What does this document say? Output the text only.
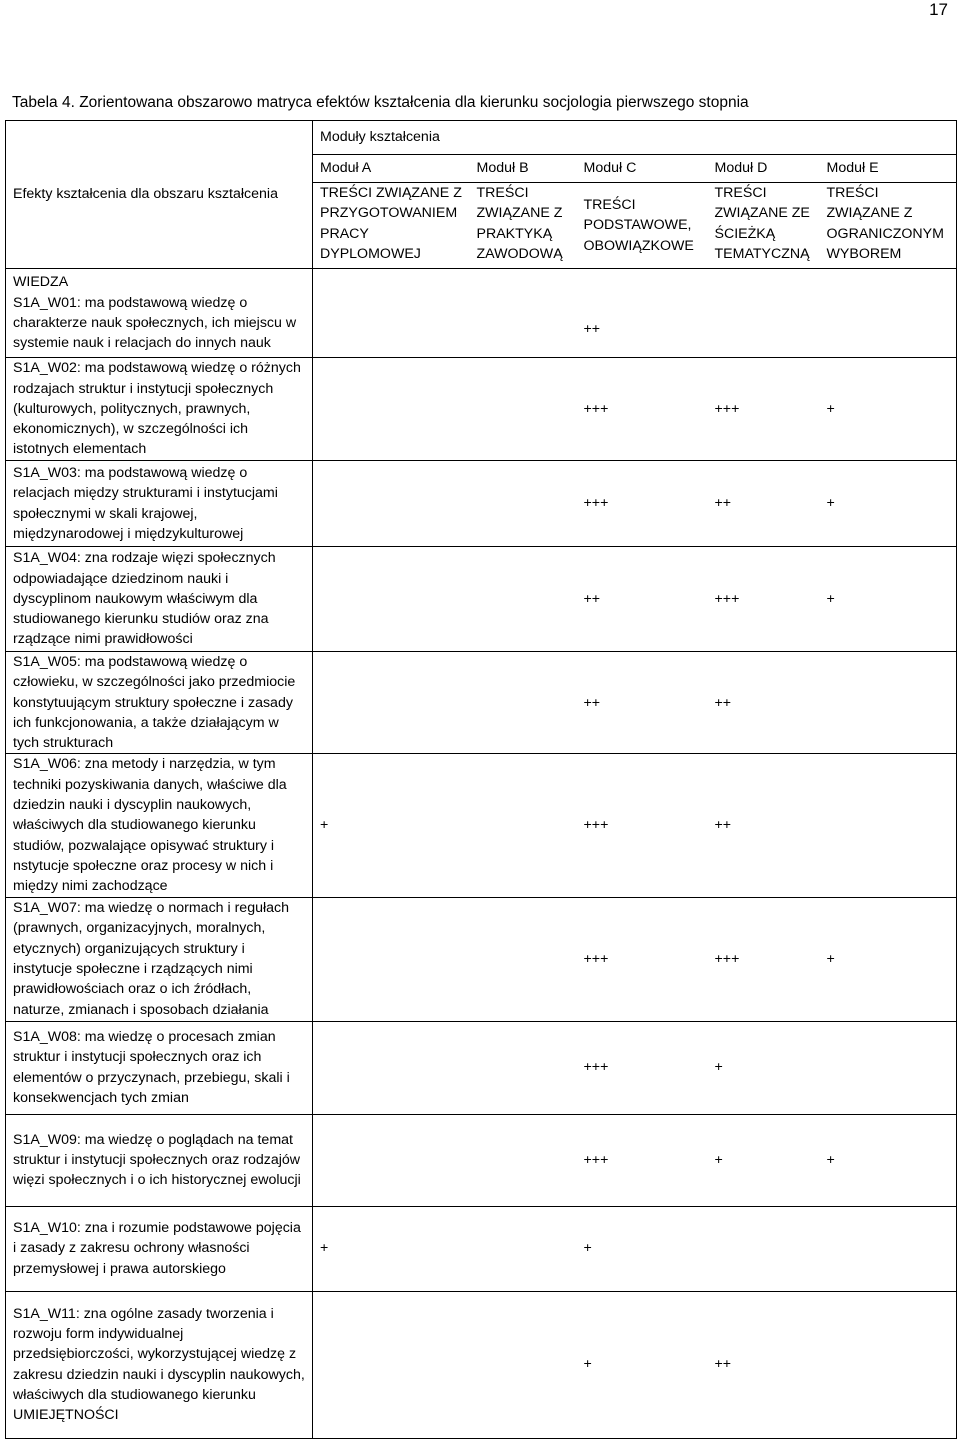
17
Tabela 4. Zorientowana obszarowo matryca efektów kształcenia dla kierunku socjologia pierwszego stopnia
Efekty kształcenia dla obszaru kształcenia	Moduły kształcenia				
	Moduł A	Moduł B	Moduł C	Moduł D	Moduł E
	TREŚCI ZWIĄZANE Z PRZYGOTOWANIEM PRACY DYPLOMOWEJ	TREŚCI ZWIĄZANE Z PRAKTYKĄ ZAWODOWĄ	TREŚCI PODSTAWOWE, OBOWIĄZKOWE	TREŚCI ZWIĄZANE ZE ŚCIEŻKĄ TEMATYCZNĄ	TREŚCI ZWIĄZANE Z OGRANICZONYM WYBOREM

WIEDZA
S1A_W01: ma podstawową wiedzę o charakterze nauk społecznych, ich miejscu w systemie nauk i relacjach do innych nauk			++		

S1A_W02: ma podstawową wiedzę o różnych rodzajach struktur i instytucji społecznych (kulturowych, politycznych, prawnych, ekonomicznych), w szczególności ich istotnych elementach			+++	+++	+

S1A_W03: ma podstawową wiedzę o relacjach między strukturami i instytucjami społecznymi w skali krajowej, międzynarodowej i międzykulturowej			+++	++	+

S1A_W04: zna rodzaje więzi społecznych odpowiadające dziedzinom nauki i dyscyplinom naukowym właściwym dla studiowanego kierunku studiów oraz zna rządzące nimi prawidłowości			++	+++	+

S1A_W05: ma podstawową wiedzę o człowieku, w szczególności jako przedmiocie konstytuującym struktury społeczne i zasady ich funkcjonowania, a także działającym w tych strukturach			++	++	

S1A_W06: zna metody i narzędzia, w tym techniki pozyskiwania danych, właściwe dla dziedzin nauki i dyscyplin naukowych, właściwych dla studiowanego kierunku studiów, pozwalające opisywać struktury i nstytucje społeczne oraz procesy w nich i między nimi zachodzące	+		+++	++	

S1A_W07: ma wiedzę o normach i regułach (prawnych, organizacyjnych, moralnych, etycznych) organizujących struktury i instytucje społeczne i rządzących nimi prawidłowościach oraz o ich źródłach, naturze, zmianach i sposobach działania			+++	+++	+

S1A_W08: ma wiedzę o procesach zmian struktur i instytucji społecznych oraz ich elementów o przyczynach, przebiegu, skali i konsekwencjach tych zmian			+++	+	

S1A_W09: ma wiedzę o poglądach na temat struktur i instytucji społecznych oraz rodzajów więzi społecznych i o ich historycznej ewolucji			+++	+	+

S1A_W10: zna i rozumie podstawowe pojęcia i zasady z zakresu ochrony własności przemysłowej i prawa autorskiego	+		+		

S1A_W11: zna ogólne zasady tworzenia i rozwoju form indywidualnej przedsiębiorczości, wykorzystującej wiedzę z zakresu dziedzin nauki i dyscyplin naukowych, właściwych dla studiowanego kierunku
UMIEJĘTNOŚCI			+	++	
